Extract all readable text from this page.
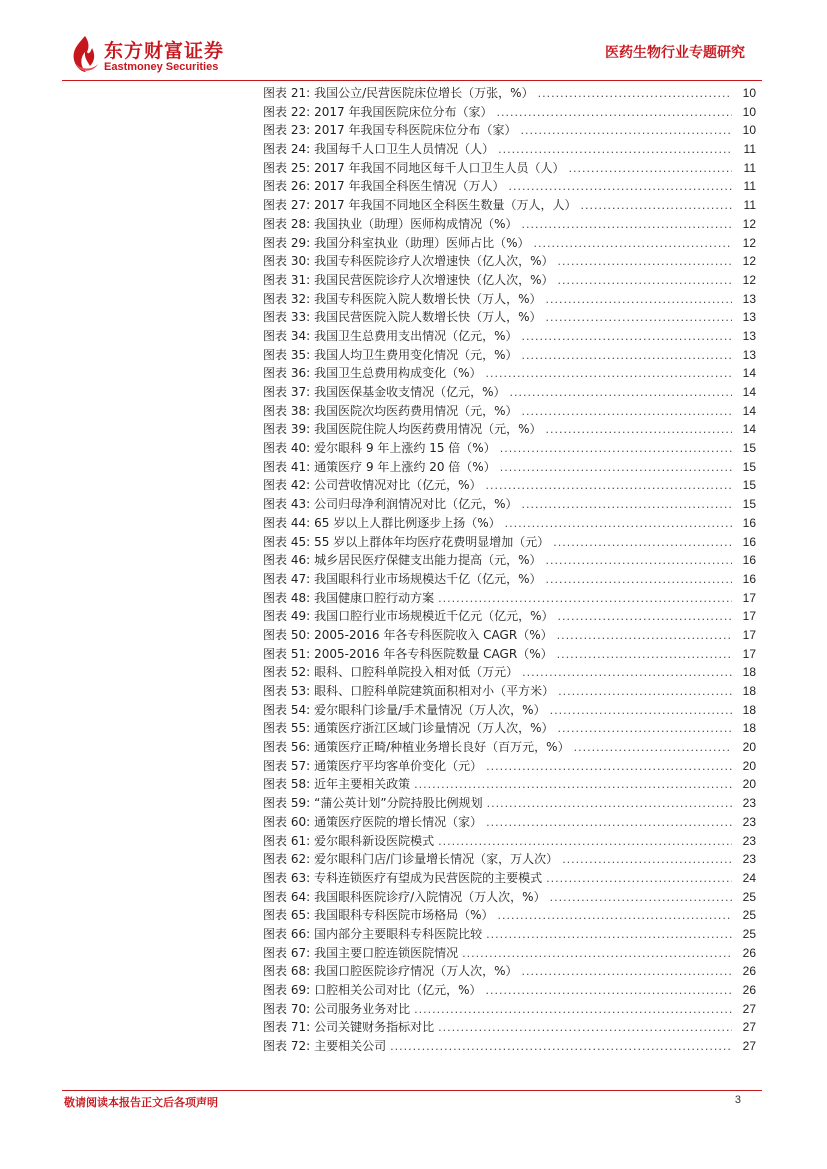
东方财富证券
Eastmoney Securities
医药生物行业专题研究
图表 21: 我国公立/民营医院床位增长（万张，%） .....	10
图表 22: 2017 年我国医院床位分布（家） .....	10
图表 23: 2017 年我国专科医院床位分布（家） .....	10
图表 24: 我国每千人口卫生人员情况（人） .....	11
图表 25: 2017 年我国不同地区每千人口卫生人员（人） .....	11
图表 26: 2017 年我国全科医生情况（万人） .....	11
图表 27: 2017 年我国不同地区全科医生数量（万人，人） .....	11
图表 28: 我国执业（助理）医师构成情况（%） .....	12
图表 29: 我国分科室执业（助理）医师占比（%） .....	12
图表 30: 我国专科医院诊疗人次增速快（亿人次，%） .....	12
图表 31: 我国民营医院诊疗人次增速快（亿人次，%） .....	12
图表 32: 我国专科医院入院人数增长快（万人，%） .....	13
图表 33: 我国民营医院入院人数增长快（万人，%） .....	13
图表 34: 我国卫生总费用支出情况（亿元，%） .....	13
图表 35: 我国人均卫生费用变化情况（元，%） .....	13
图表 36: 我国卫生总费用构成变化（%） .....	14
图表 37: 我国医保基金收支情况（亿元，%） .....	14
图表 38: 我国医院次均医药费用情况（元，%） .....	14
图表 39: 我国医院住院人均医药费用情况（元，%） .....	14
图表 40: 爱尔眼科 9 年上涨约 15 倍（%） .....	15
图表 41: 通策医疗 9 年上涨约 20 倍（%） .....	15
图表 42: 公司营收情况对比（亿元，%） .....	15
图表 43: 公司归母净利润情况对比（亿元，%） .....	15
图表 44: 65 岁以上人群比例逐步上扬（%） .....	16
图表 45: 55 岁以上群体年均医疗花费明显增加（元） .....	16
图表 46: 城乡居民医疗保健支出能力提高（元，%） .....	16
图表 47: 我国眼科行业市场规模达千亿（亿元，%） .....	16
图表 48: 我国健康口腔行动方案 .....	17
图表 49: 我国口腔行业市场规模近千亿元（亿元，%） .....	17
图表 50: 2005-2016 年各专科医院收入 CAGR（%） .....	17
图表 51: 2005-2016 年各专科医院数量 CAGR（%） .....	17
图表 52: 眼科、口腔科单院投入相对低（万元） .....	18
图表 53: 眼科、口腔科单院建筑面积相对小（平方米） .....	18
图表 54: 爱尔眼科门诊量/手术量情况（万人次，%） .....	18
图表 55: 通策医疗浙江区域门诊量情况（万人次，%） .....	18
图表 56: 通策医疗正畸/种植业务增长良好（百万元，%） .....	20
图表 57: 通策医疗平均客单价变化（元） .....	20
图表 58: 近年主要相关政策 .....	20
图表 59: “蒲公英计划”分院持股比例规划 .....	23
图表 60: 通策医疗医院的增长情况（家） .....	23
图表 61: 爱尔眼科新设医院模式 .....	23
图表 62: 爱尔眼科门店/门诊量增长情况（家，万人次） .....	23
图表 63: 专科连锁医疗有望成为民营医院的主要模式 .....	24
图表 64: 我国眼科医院诊疗/入院情况（万人次，%） .....	25
图表 65: 我国眼科专科医院市场格局（%） .....	25
图表 66: 国内部分主要眼科专科医院比较 .....	25
图表 67: 我国主要口腔连锁医院情况 .....	26
图表 68: 我国口腔医院诊疗情况（万人次，%） .....	26
图表 69: 口腔相关公司对比（亿元，%） .....	26
图表 70: 公司服务业务对比 .....	27
图表 71: 公司关键财务指标对比 .....	27
图表 72: 主要相关公司 .....	27
敬请阅读本报告正文后各项声明	3
